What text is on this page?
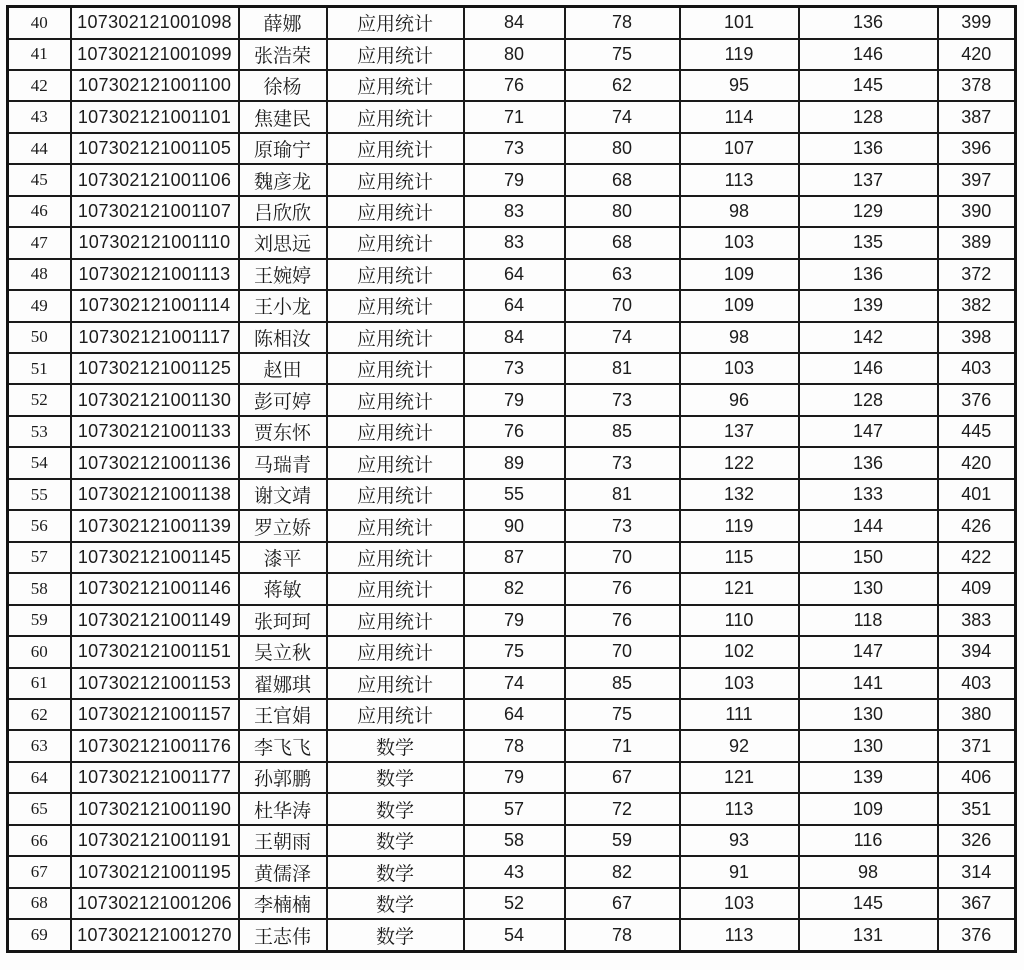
40	107302121001098	薛娜	应用统计	84	78	101	136	399
41	107302121001099	张浩荣	应用统计	80	75	119	146	420
42	107302121001100	徐杨	应用统计	76	62	95	145	378
43	107302121001101	焦建民	应用统计	71	74	114	128	387
44	107302121001105	原瑜宁	应用统计	73	80	107	136	396
45	107302121001106	魏彦龙	应用统计	79	68	113	137	397
46	107302121001107	吕欣欣	应用统计	83	80	98	129	390
47	107302121001110	刘思远	应用统计	83	68	103	135	389
48	107302121001113	王婉婷	应用统计	64	63	109	136	372
49	107302121001114	王小龙	应用统计	64	70	109	139	382
50	107302121001117	陈相汝	应用统计	84	74	98	142	398
51	107302121001125	赵田	应用统计	73	81	103	146	403
52	107302121001130	彭可婷	应用统计	79	73	96	128	376
53	107302121001133	贾东怀	应用统计	76	85	137	147	445
54	107302121001136	马瑞青	应用统计	89	73	122	136	420
55	107302121001138	谢文靖	应用统计	55	81	132	133	401
56	107302121001139	罗立娇	应用统计	90	73	119	144	426
57	107302121001145	漆平	应用统计	87	70	115	150	422
58	107302121001146	蒋敏	应用统计	82	76	121	130	409
59	107302121001149	张珂珂	应用统计	79	76	110	118	383
60	107302121001151	吴立秋	应用统计	75	70	102	147	394
61	107302121001153	翟娜琪	应用统计	74	85	103	141	403
62	107302121001157	王官娟	应用统计	64	75	111	130	380
63	107302121001176	李飞飞	数学	78	71	92	130	371
64	107302121001177	孙郭鹏	数学	79	67	121	139	406
65	107302121001190	杜华涛	数学	57	72	113	109	351
66	107302121001191	王朝雨	数学	58	59	93	116	326
67	107302121001195	黄儒泽	数学	43	82	91	98	314
68	107302121001206	李楠楠	数学	52	67	103	145	367
69	107302121001270	王志伟	数学	54	78	113	131	376
